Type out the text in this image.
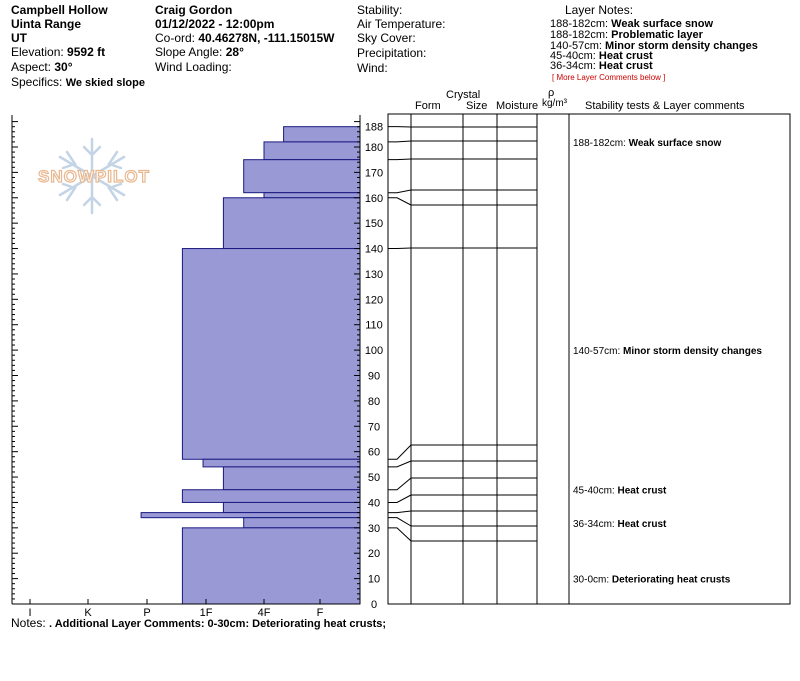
Campbell Hollow
Uinta Range
UT
Elevation: 9592 ft
Aspect: 30°
Specifics: We skied slope
Craig Gordon
01/12/2022 - 12:00pm
Co-ord: 40.46278N, -111.15015W
Slope Angle: 28°
Wind Loading:
Stability:
Air Temperature:
Sky Cover:
Precipitation:
Wind:
Layer Notes:
188-182cm: Weak surface snow
188-182cm: Problematic layer
140-57cm: Minor storm density changes
45-40cm: Heat crust
36-34cm: Heat crust
[ More Layer Comments below ]
Crystal
Form Size Moisture
ρ
kg/m³ Stability tests & Layer comments
Notes: . Additional Layer Comments: 0-30cm: Deteriorating heat crusts;
SNOWPILOT
0
10
20
30
40
50
60
70
80
90
100
110
120
130
140
150
160
170
180
188
I	K	P	1F	4F	F
188-182cm: Weak surface snow
140-57cm: Minor storm density changes
45-40cm: Heat crust
36-34cm: Heat crust
30-0cm: Deteriorating heat crusts
